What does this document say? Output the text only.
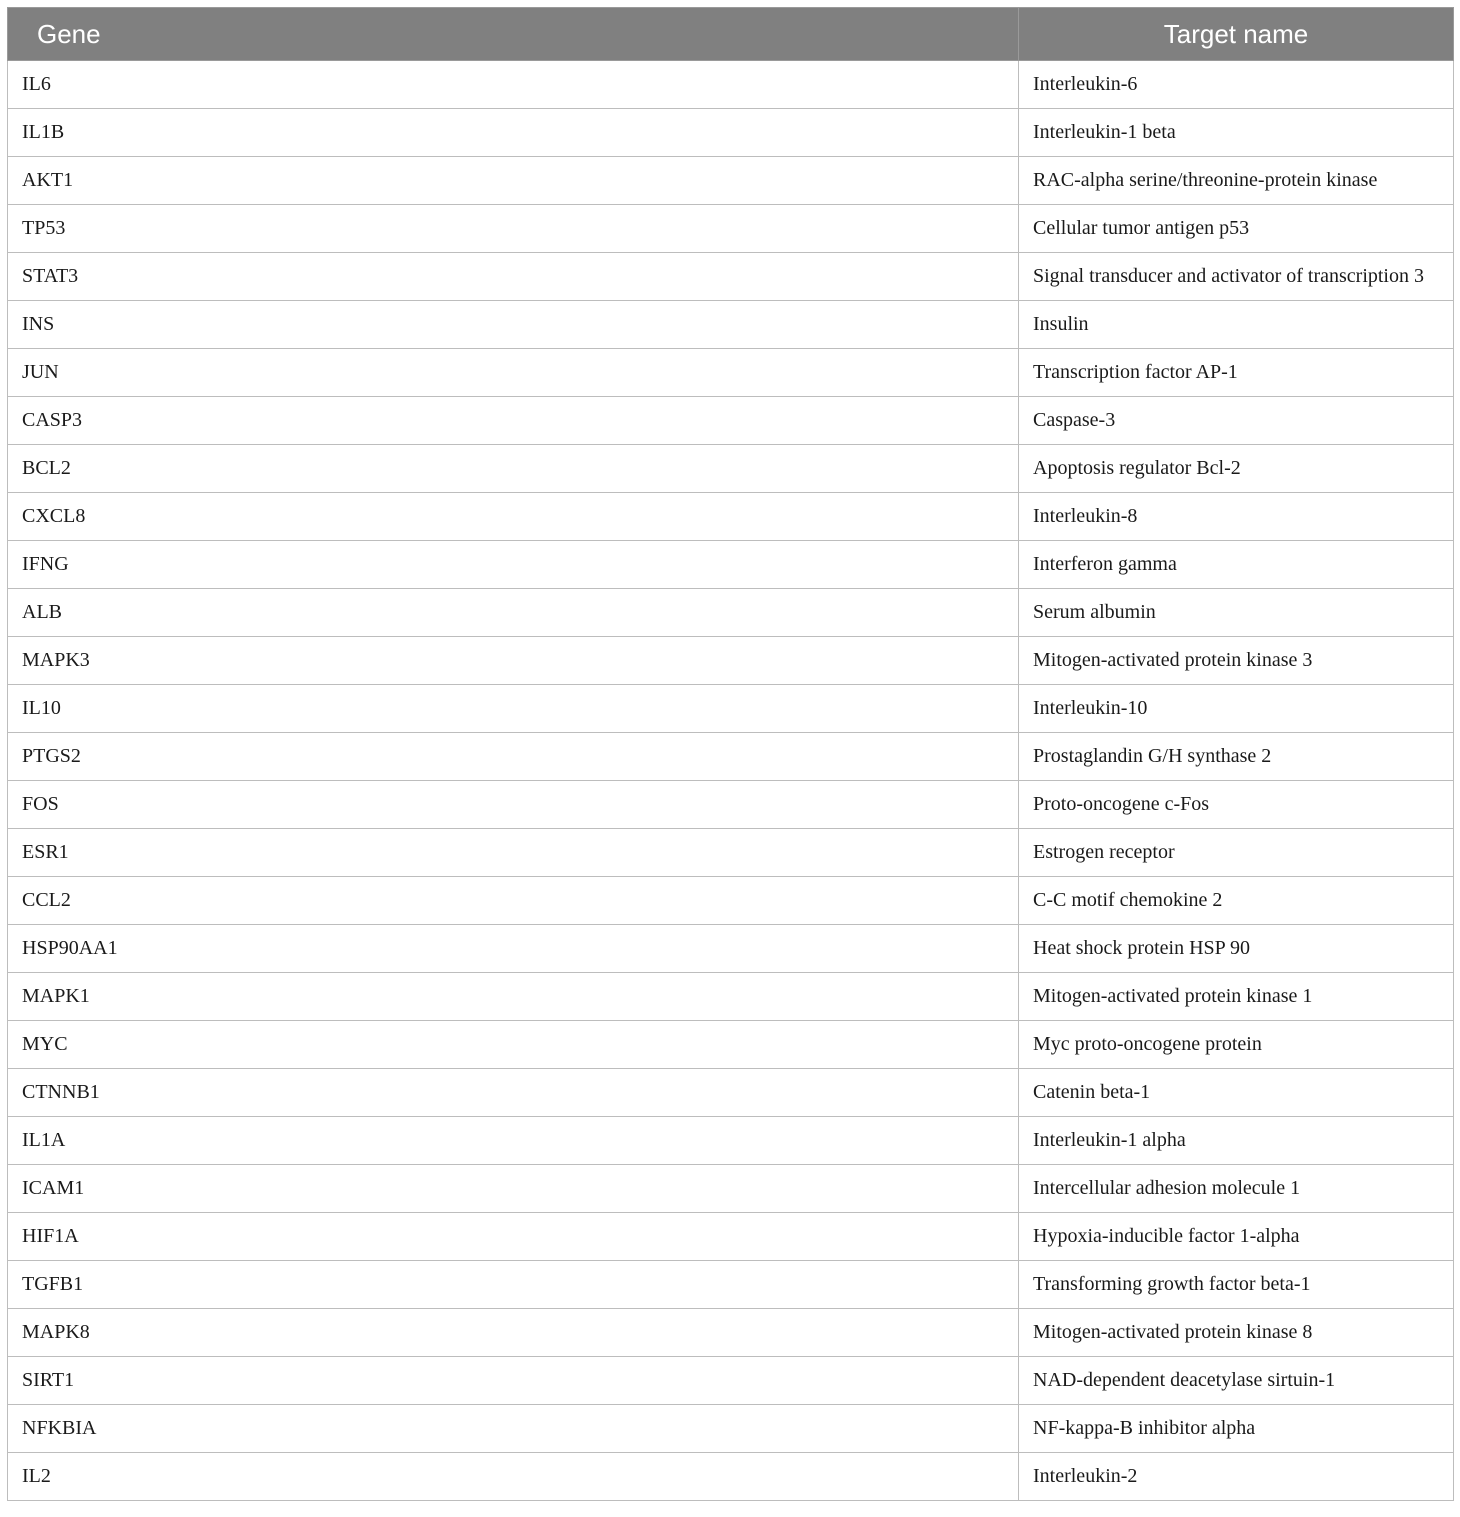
Gene	Target name
IL6	Interleukin-6
IL1B	Interleukin-1 beta
AKT1	RAC-alpha serine/threonine-protein kinase
TP53	Cellular tumor antigen p53
STAT3	Signal transducer and activator of transcription 3
INS	Insulin
JUN	Transcription factor AP-1
CASP3	Caspase-3
BCL2	Apoptosis regulator Bcl-2
CXCL8	Interleukin-8
IFNG	Interferon gamma
ALB	Serum albumin
MAPK3	Mitogen-activated protein kinase 3
IL10	Interleukin-10
PTGS2	Prostaglandin G/H synthase 2
FOS	Proto-oncogene c-Fos
ESR1	Estrogen receptor
CCL2	C-C motif chemokine 2
HSP90AA1	Heat shock protein HSP 90
MAPK1	Mitogen-activated protein kinase 1
MYC	Myc proto-oncogene protein
CTNNB1	Catenin beta-1
IL1A	Interleukin-1 alpha
ICAM1	Intercellular adhesion molecule 1
HIF1A	Hypoxia-inducible factor 1-alpha
TGFB1	Transforming growth factor beta-1
MAPK8	Mitogen-activated protein kinase 8
SIRT1	NAD-dependent deacetylase sirtuin-1
NFKBIA	NF-kappa-B inhibitor alpha
IL2	Interleukin-2
